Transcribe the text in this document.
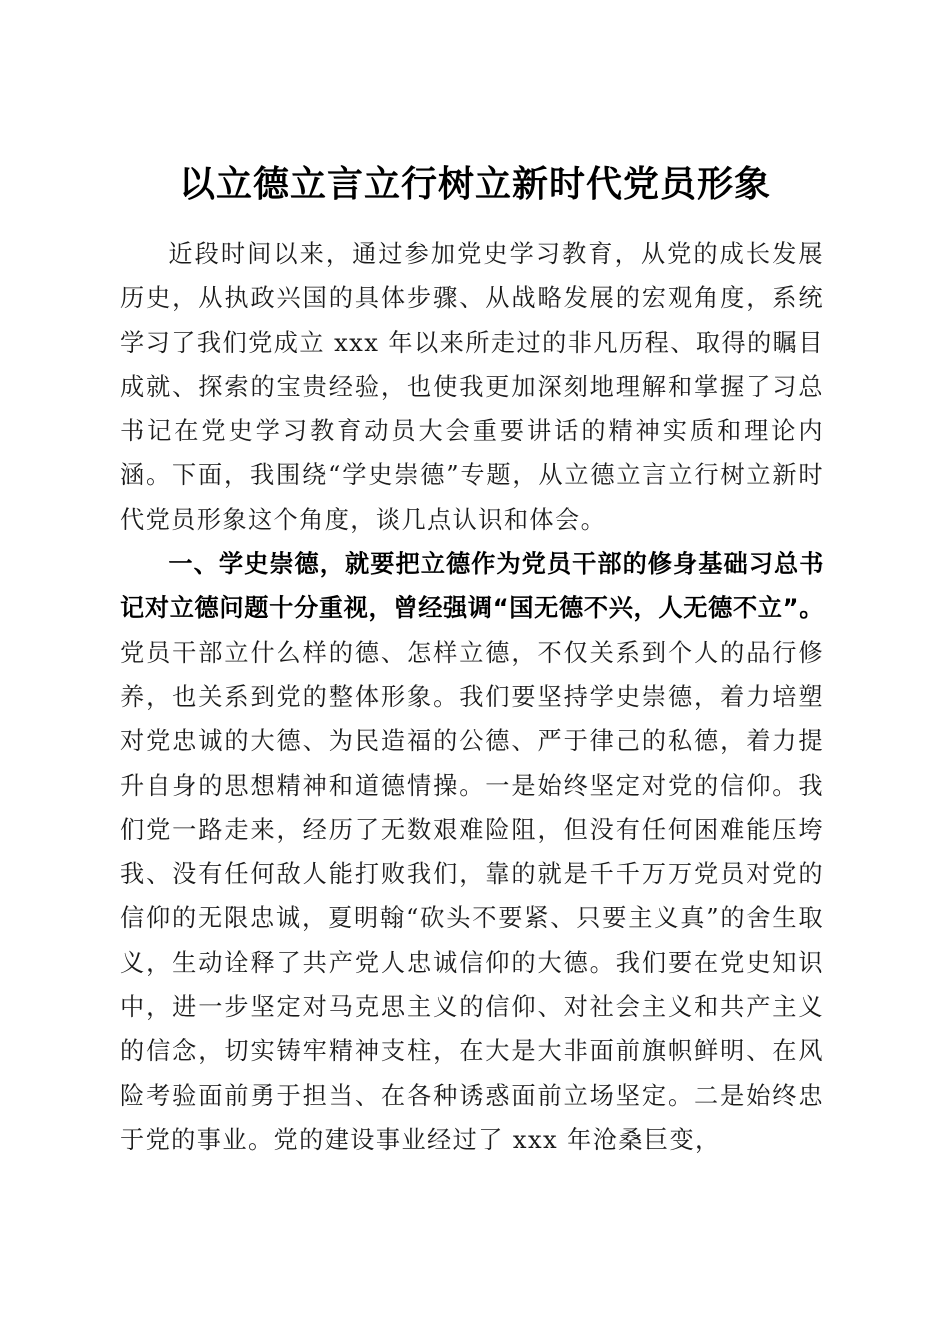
以立德立言立行树立新时代党员形象

近段时间以来，通过参加党史学习教育，从党的成长发展历史，从执政兴国的具体步骤、从战略发展的宏观角度，系统学习了我们党成立 xxx 年以来所走过的非凡历程、取得的瞩目成就、探索的宝贵经验，也使我更加深刻地理解和掌握了习总书记在党史学习教育动员大会重要讲话的精神实质和理论内涵。下面，我围绕“学史崇德”专题，从立德立言立行树立新时代党员形象这个角度，谈几点认识和体会。

一、学史崇德，就要把立德作为党员干部的修身基础习总书记对立德问题十分重视，曾经强调“国无德不兴，人无德不立”。党员干部立什么样的德、怎样立德，不仅关系到个人的品行修养，也关系到党的整体形象。我们要坚持学史崇德，着力培塑对党忠诚的大德、为民造福的公德、严于律己的私德，着力提升自身的思想精神和道德情操。一是始终坚定对党的信仰。我们党一路走来，经历了无数艰难险阻，但没有任何困难能压垮我、没有任何敌人能打败我们，靠的就是千千万万党员对党的信仰的无限忠诚，夏明翰“砍头不要紧、只要主义真”的舍生取义，生动诠释了共产党人忠诚信仰的大德。我们要在党史知识中，进一步坚定对马克思主义的信仰、对社会主义和共产主义的信念，切实铸牢精神支柱，在大是大非面前旗帜鲜明、在风险考验面前勇于担当、在各种诱惑面前立场坚定。二是始终忠于党的事业。党的建设事业经过了 xxx 年沧桑巨变，
